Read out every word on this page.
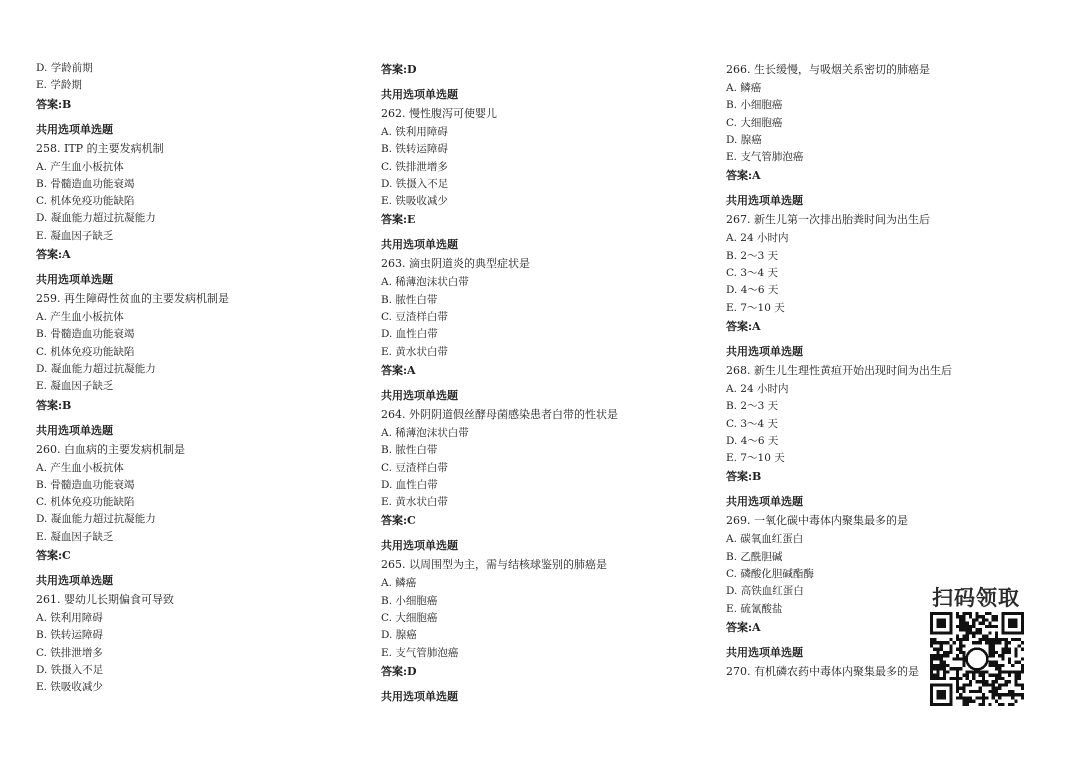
D. 学龄前期
E. 学龄期
答案:B
共用选项单选题
258. ITP 的主要发病机制
A. 产生血小板抗体
B. 骨髓造血功能衰竭
C. 机体免疫功能缺陷
D. 凝血能力超过抗凝能力
E. 凝血因子缺乏
答案:A
共用选项单选题
259. 再生障碍性贫血的主要发病机制是
A. 产生血小板抗体
B. 骨髓造血功能衰竭
C. 机体免疫功能缺陷
D. 凝血能力超过抗凝能力
E. 凝血因子缺乏
答案:B
共用选项单选题
260. 白血病的主要发病机制是
A. 产生血小板抗体
B. 骨髓造血功能衰竭
C. 机体免疫功能缺陷
D. 凝血能力超过抗凝能力
E. 凝血因子缺乏
答案:C
共用选项单选题
261. 婴幼儿长期偏食可导致
A. 铁利用障碍
B. 铁转运障碍
C. 铁排泄增多
D. 铁摄入不足
E. 铁吸收减少
答案:D
共用选项单选题
262. 慢性腹泻可使婴儿
A. 铁利用障碍
B. 铁转运障碍
C. 铁排泄增多
D. 铁摄入不足
E. 铁吸收减少
答案:E
共用选项单选题
263. 滴虫阴道炎的典型症状是
A. 稀薄泡沫状白带
B. 脓性白带
C. 豆渣样白带
D. 血性白带
E. 黄水状白带
答案:A
共用选项单选题
264. 外阴阴道假丝酵母菌感染患者白带的性状是
A. 稀薄泡沫状白带
B. 脓性白带
C. 豆渣样白带
D. 血性白带
E. 黄水状白带
答案:C
共用选项单选题
265. 以周围型为主，需与结核球鉴别的肺癌是
A. 鳞癌
B. 小细胞癌
C. 大细胞癌
D. 腺癌
E. 支气管肺泡癌
答案:D
共用选项单选题
266. 生长缓慢，与吸烟关系密切的肺癌是
A. 鳞癌
B. 小细胞癌
C. 大细胞癌
D. 腺癌
E. 支气管肺泡癌
答案:A
共用选项单选题
267. 新生儿第一次排出胎粪时间为出生后
A. 24 小时内
B. 2～3 天
C. 3～4 天
D. 4～6 天
E. 7～10 天
答案:A
共用选项单选题
268. 新生儿生理性黄疸开始出现时间为出生后
A. 24 小时内
B. 2～3 天
C. 3～4 天
D. 4～6 天
E. 7～10 天
答案:B
共用选项单选题
269. 一氧化碳中毒体内聚集最多的是
A. 碳氧血红蛋白
B. 乙酰胆碱
C. 磷酸化胆碱酯酶
D. 高铁血红蛋白
E. 硫氰酸盐
答案:A
共用选项单选题
270. 有机磷农药中毒体内聚集最多的是
扫码领取
